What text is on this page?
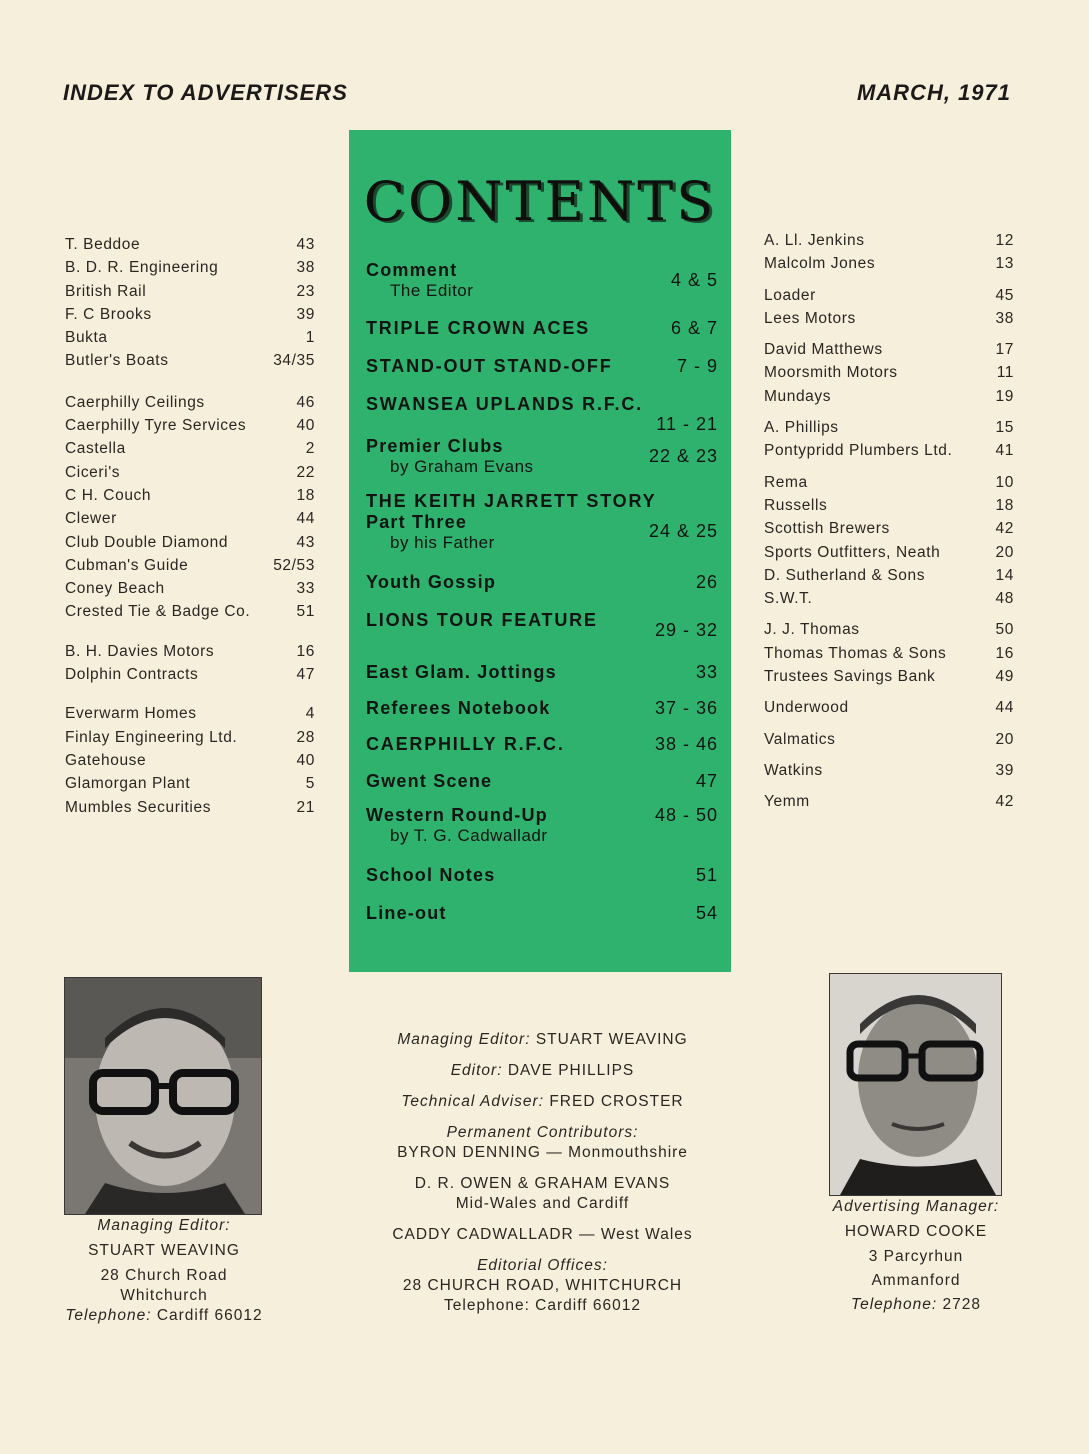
INDEX TO ADVERTISERS	MARCH, 1971
T. Beddoe	43
B. D. R. Engineering	38
British Rail	23
F. C Brooks	39
Bukta	1
Butler's Boats	34/35
Caerphilly Ceilings	46
Caerphilly Tyre Services	40
Castella	2
Ciceri's	22
C H. Couch	18
Clewer	44
Club Double Diamond	43
Cubman's Guide	52/53
Coney Beach	33
Crested Tie & Badge Co.	51
B. H. Davies Motors	16
Dolphin Contracts	47
Everwarm Homes	4
Finlay Engineering Ltd.	28
Gatehouse	40
Glamorgan Plant	5
Mumbles Securities	21
A. Ll. Jenkins	12
Malcolm Jones	13
Loader	45
Lees Motors	38
David Matthews	17
Moorsmith Motors	11
Mundays	19
A. Phillips	15
Pontypridd Plumbers Ltd.	41
Rema	10
Russells	18
Scottish Brewers	42
Sports Outfitters, Neath	20
D. Sutherland & Sons	14
S.W.T.	48
J. J. Thomas	50
Thomas Thomas & Sons	16
Trustees Savings Bank	49
Underwood	44
Valmatics	20
Watkins	39
Yemm	42
CONTENTS
Comment
The Editor
4 & 5
TRIPLE CROWN ACES	6 & 7
STAND-OUT STAND-OFF	7 - 9
SWANSEA UPLANDS R.F.C.
11 - 21
Premier Clubs
by Graham Evans
22 & 23
THE KEITH JARRETT STORY
Part Three
by his Father
24 & 25
Youth Gossip	26
LIONS TOUR FEATURE	29 - 32
East Glam. Jottings	33
Referees Notebook	37 - 36
CAERPHILLY R.F.C.	38 - 46
Gwent Scene	47
Western Round-Up
by T. G. Cadwalladr
48 - 50
School Notes	51
Line-out	54
Managing Editor:
STUART WEAVING
28 Church Road
Whitchurch
Telephone: Cardiff 66012
Advertising Manager:
HOWARD COOKE
3 Parcyrhun
Ammanford
Telephone: 2728
Managing Editor: STUART WEAVING
Editor: DAVE PHILLIPS
Technical Adviser: FRED CROSTER
Permanent Contributors:
BYRON DENNING — Monmouthshire
D. R. OWEN & GRAHAM EVANS
Mid-Wales and Cardiff
CADDY CADWALLADR — West Wales
Editorial Offices:
28 CHURCH ROAD, WHITCHURCH
Telephone: Cardiff 66012
